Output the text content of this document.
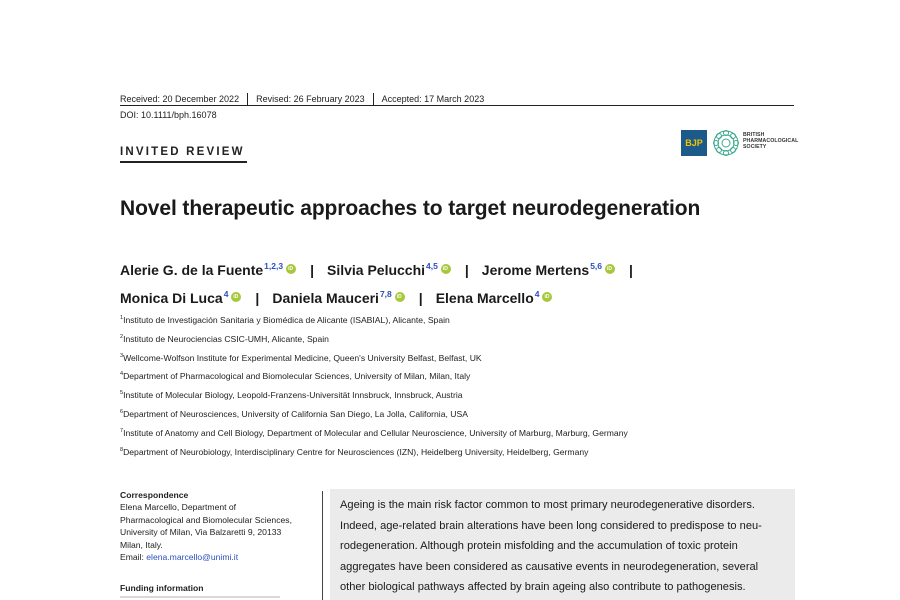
Received: 20 December 2022 Revised: 26 February 2023 Accepted: 17 March 2023
DOI: 10.1111/bph.16078
INVITED REVIEW
BJP
BRITISH
PHARMACOLOGICAL
SOCIETY
Novel therapeutic approaches to target neurodegeneration
Alerie G. de la Fuente$^{1,2,3}$ iD | Silvia Pelucchi$^{4,5}$ iD | Jerome Mertens$^{5,6}$ iD |
Monica Di Luca$^4$ iD | Daniela Mauceri$^{7,8}$ iD | Elena Marcello$^4$iD
$^1$Instituto de Investigación Sanitaria y Biomédica de Alicante (ISABIAL), Alicante, Spain
$^2$Instituto de Neurociencias CSIC-UMH, Alicante, Spain
$^3$Wellcome-Wolfson Institute for Experimental Medicine, Queen's University Belfast, Belfast, UK
$^4$Department of Pharmacological and Biomolecular Sciences, University of Milan, Milan, Italy
$^5$Institute of Molecular Biology, Leopold-Franzens-Universität Innsbruck, Innsbruck, Austria
$^6$Department of Neurosciences, University of California San Diego, La Jolla, California, USA
$^7$Institute of Anatomy and Cell Biology, Department of Molecular and Cellular Neuroscience, University of Marburg, Marburg, Germany
$^8$Department of Neurobiology, Interdisciplinary Centre for Neurosciences (IZN), Heidelberg University, Heidelberg, Germany
Correspondence
Elena Marcello, Department of
Pharmacological and Biomolecular Sciences,
University of Milan, Via Balzaretti 9, 20133
Milan, Italy.
Email: elena.marcello@unimi.it
Funding information
Ageing is the main risk factor common to most primary neurodegenerative disorders.
Indeed, age-related brain alterations have been long considered to predispose to neu-
rodegeneration. Although protein misfolding and the accumulation of toxic protein
aggregates have been considered as causative events in neurodegeneration, several
other biological pathways affected by brain ageing also contribute to pathogenesis.
